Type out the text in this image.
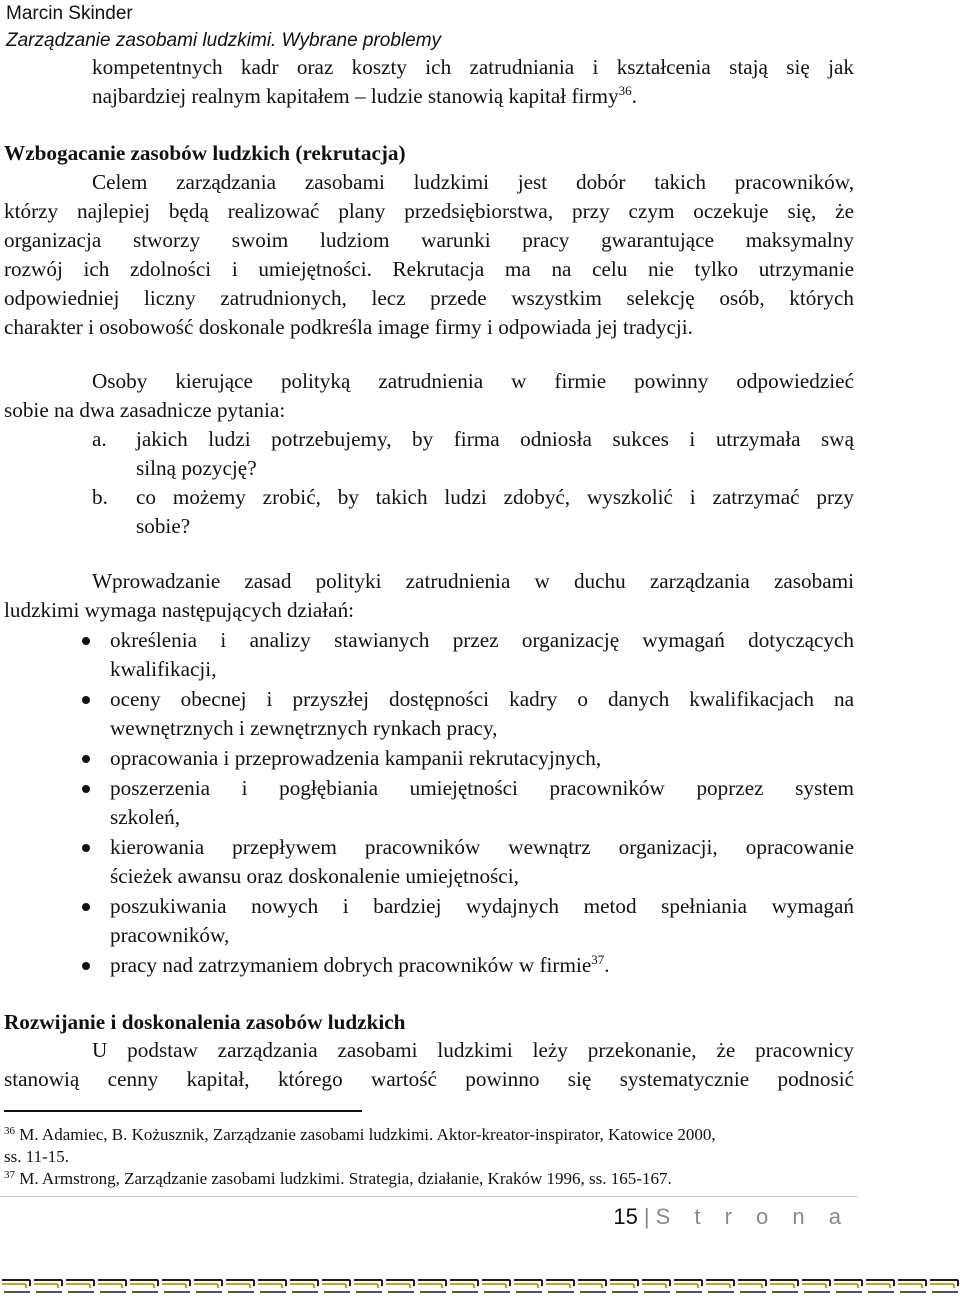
Marcin Skinder
Zarządzanie zasobami ludzkimi. Wybrane problemy
kompetentnych kadr oraz koszty ich zatrudniania i kształcenia stają się jak
najbardziej realnym kapitałem – ludzie stanowią kapitał firmy$^{36}$.
Wzbogacanie zasobów ludzkich (rekrutacja)
Celem zarządzania zasobami ludzkimi jest dobór takich pracowników,
którzy najlepiej będą realizować plany przedsiębiorstwa, przy czym oczekuje się, że
organizacja stworzy swoim ludziom warunki pracy gwarantujące maksymalny
rozwój ich zdolności i umiejętności. Rekrutacja ma na celu nie tylko utrzymanie
odpowiedniej liczny zatrudnionych, lecz przede wszystkim selekcję osób, których
charakter i osobowość doskonale podkreśla image firmy i odpowiada jej tradycji.
Osoby kierujące polityką zatrudnienia w firmie powinny odpowiedzieć
sobie na dwa zasadnicze pytania:
a. jakich ludzi potrzebujemy, by firma odniosła sukces i utrzymała swą
silną pozycję?
b. co możemy zrobić, by takich ludzi zdobyć, wyszkolić i zatrzymać przy
sobie?
Wprowadzanie zasad polityki zatrudnienia w duchu zarządzania zasobami
ludzkimi wymaga następujących działań:
określenia i analizy stawianych przez organizację wymagań dotyczących
kwalifikacji,
oceny obecnej i przyszłej dostępności kadry o danych kwalifikacjach na
wewnętrznych i zewnętrznych rynkach pracy,
opracowania i przeprowadzenia kampanii rekrutacyjnych,
poszerzenia i pogłębiania umiejętności pracowników poprzez system
szkoleń,
kierowania przepływem pracowników wewnątrz organizacji, opracowanie
ścieżek awansu oraz doskonalenie umiejętności,
poszukiwania nowych i bardziej wydajnych metod spełniania wymagań
pracowników,
pracy nad zatrzymaniem dobrych pracowników w firmie$^{37}$.
Rozwijanie i doskonalenia zasobów ludzkich
U podstaw zarządzania zasobami ludzkimi leży przekonanie, że pracownicy
stanowią cenny kapitał, którego wartość powinno się systematycznie podnosić
$^{36}$ M. Adamiec, B. Kożusznik, Zarządzanie zasobami ludzkimi. Aktor-kreator-inspirator, Katowice 2000,
ss. 11-15.
$^{37}$ M. Armstrong, Zarządzanie zasobami ludzkimi. Strategia, działanie, Kraków 1996, ss. 165-167.
15 | S t r o n a
